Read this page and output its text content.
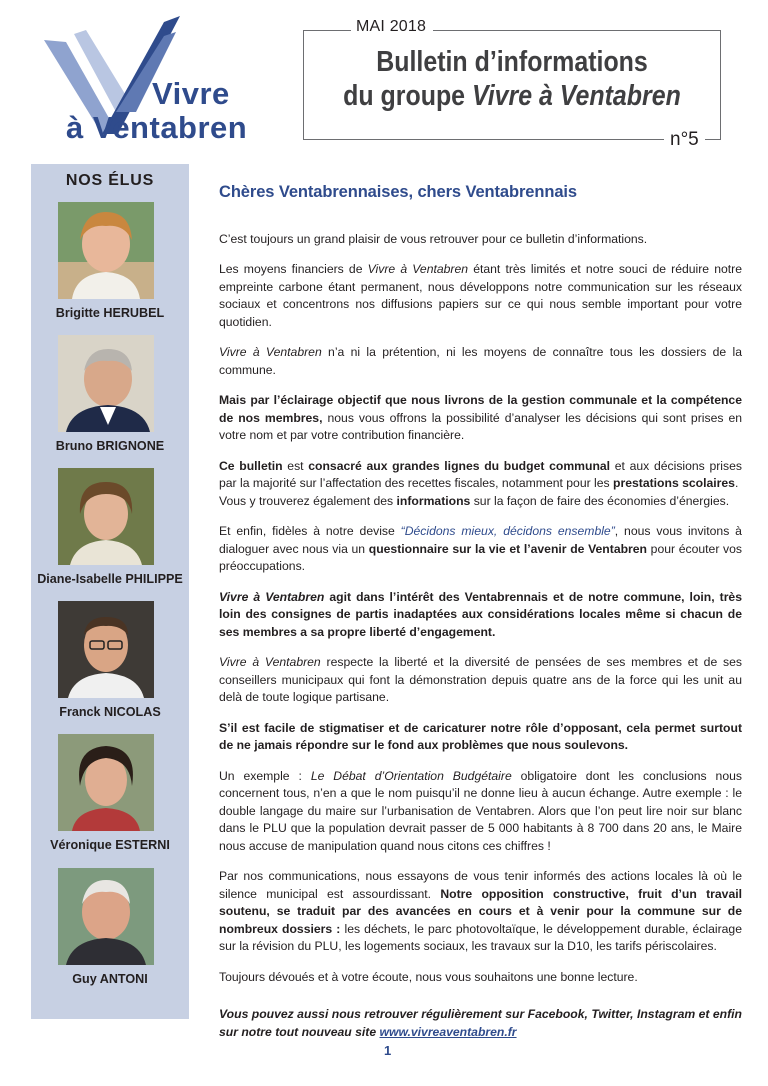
Vivre
à Ventabren
MAI 2018
Bulletin d’informations
du groupe Vivre à Ventabren
n°5
NOS ÉLUS
Brigitte HERUBEL
Bruno BRIGNONE
Diane-Isabelle PHILIPPE
Franck NICOLAS
Véronique ESTERNI
Guy ANTONI
Chères Ventabrennaises, chers Ventabrennais

C’est toujours un grand plaisir de vous retrouver pour ce bulletin d’informations.

Les moyens financiers de Vivre à Ventabren étant très limités et notre souci de réduire notre empreinte carbone étant permanent, nous développons notre communication sur les réseaux sociaux et concentrons nos diffusions papiers sur ce qui nous semble important pour votre quotidien.

Vivre à Ventabren n’a ni la prétention, ni les moyens de connaître tous les dossiers de la commune.

Mais par l’éclairage objectif que nous livrons de la gestion communale et la compétence de nos membres, nous vous offrons la possibilité d’analyser les décisions qui sont prises en votre nom et par votre contribution financière.

Ce bulletin est consacré aux grandes lignes du budget communal et aux décisions prises par la majorité sur l’affectation des recettes fiscales, notamment pour les prestations scolaires.

Vous y trouverez également des informations sur la façon de faire des économies d’énergies.

Et enfin, fidèles à notre devise “Décidons mieux, décidons ensemble”, nous vous invitons à dialoguer avec nous via un questionnaire sur la vie et l’avenir de Ventabren pour écouter vos préoccupations.

Vivre à Ventabren agit dans l’intérêt des Ventabrennais et de notre commune, loin, très loin des consignes de partis inadaptées aux considérations locales même si chacun de ses membres a sa propre liberté d’engagement.

Vivre à Ventabren respecte la liberté et la diversité de pensées de ses membres et de ses conseillers municipaux qui font la démonstration depuis quatre ans de la force qui les unit au delà de toute logique partisane.

S’il est facile de stigmatiser et de caricaturer notre rôle d’opposant, cela permet surtout de ne jamais répondre sur le fond aux problèmes que nous soulevons.

Un exemple : Le Débat d’Orientation Budgétaire obligatoire dont les conclusions nous concernent tous, n’en a que le nom puisqu’il ne donne lieu à aucun échange. Autre exemple : le double langage du maire sur l’urbanisation de Ventabren. Alors que l’on peut lire noir sur blanc dans le PLU que la population devrait passer de 5 000 habitants à 8 700 dans 20 ans, le Maire nous accuse de manipulation quand nous citons ces chiffres !

Par nos communications, nous essayons de vous tenir informés des actions locales là où le silence municipal est assourdissant. Notre opposition constructive, fruit d’un travail soutenu, se traduit par des avancées en cours et à venir pour la commune sur de nombreux dossiers : les déchets, le parc photovoltaïque, le développement durable, éclairage sur la révision du PLU, les logements sociaux, les travaux sur la D10, les tarifs périscolaires.

Toujours dévoués et à votre écoute, nous vous souhaitons une bonne lecture.

Vous pouvez aussi nous retrouver régulièrement sur Facebook, Twitter, Instagram et enfin sur notre tout nouveau site www.vivreaventabren.fr

1
